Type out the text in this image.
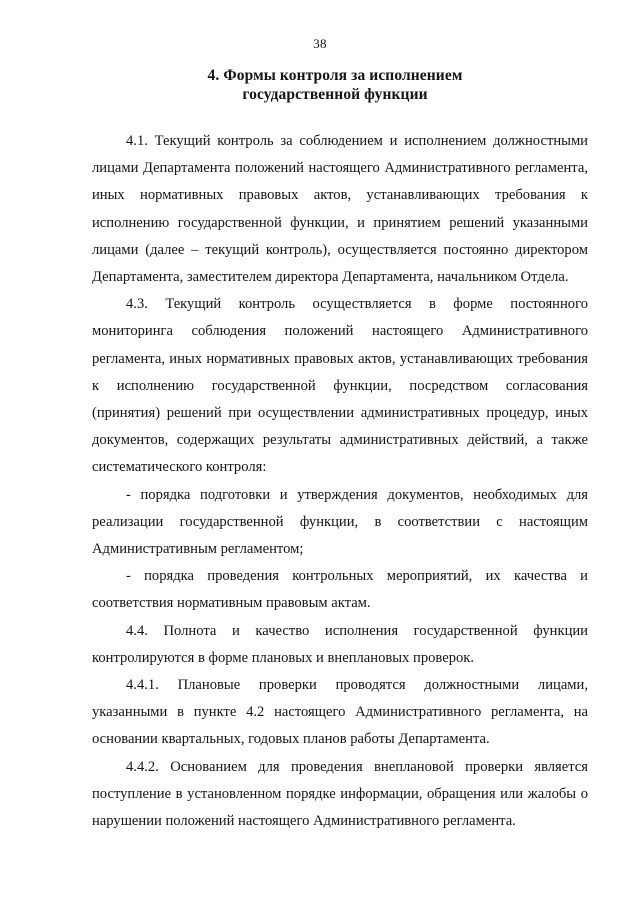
38
4. Формы контроля за исполнением
государственной функции

4.1. Текущий контроль за соблюдением и исполнением должностными лицами Департамента положений настоящего Административного регламента, иных нормативных правовых актов, устанавливающих требования к исполнению государственной функции, и принятием решений указанными лицами (далее – текущий контроль), осуществляется постоянно директором Департамента, заместителем директора Департамента, начальником Отдела.

4.3. Текущий контроль осуществляется в форме постоянного мониторинга соблюдения положений настоящего Административного регламента, иных нормативных правовых актов, устанавливающих требования к исполнению государственной функции, посредством согласования (принятия) решений при осуществлении административных процедур, иных документов, содержащих результаты административных действий, а также систематического контроля:

- порядка подготовки и утверждения документов, необходимых для реализации государственной функции, в соответствии с настоящим Административным регламентом;

- порядка проведения контрольных мероприятий, их качества и соответствия нормативным правовым актам.

4.4. Полнота и качество исполнения государственной функции контролируются в форме плановых и внеплановых проверок.

4.4.1. Плановые проверки проводятся должностными лицами, указанными в пункте 4.2 настоящего Административного регламента, на основании квартальных, годовых планов работы Департамента.

4.4.2. Основанием для проведения внеплановой проверки является поступление в установленном порядке информации, обращения или жалобы о нарушении положений настоящего Административного регламента.
